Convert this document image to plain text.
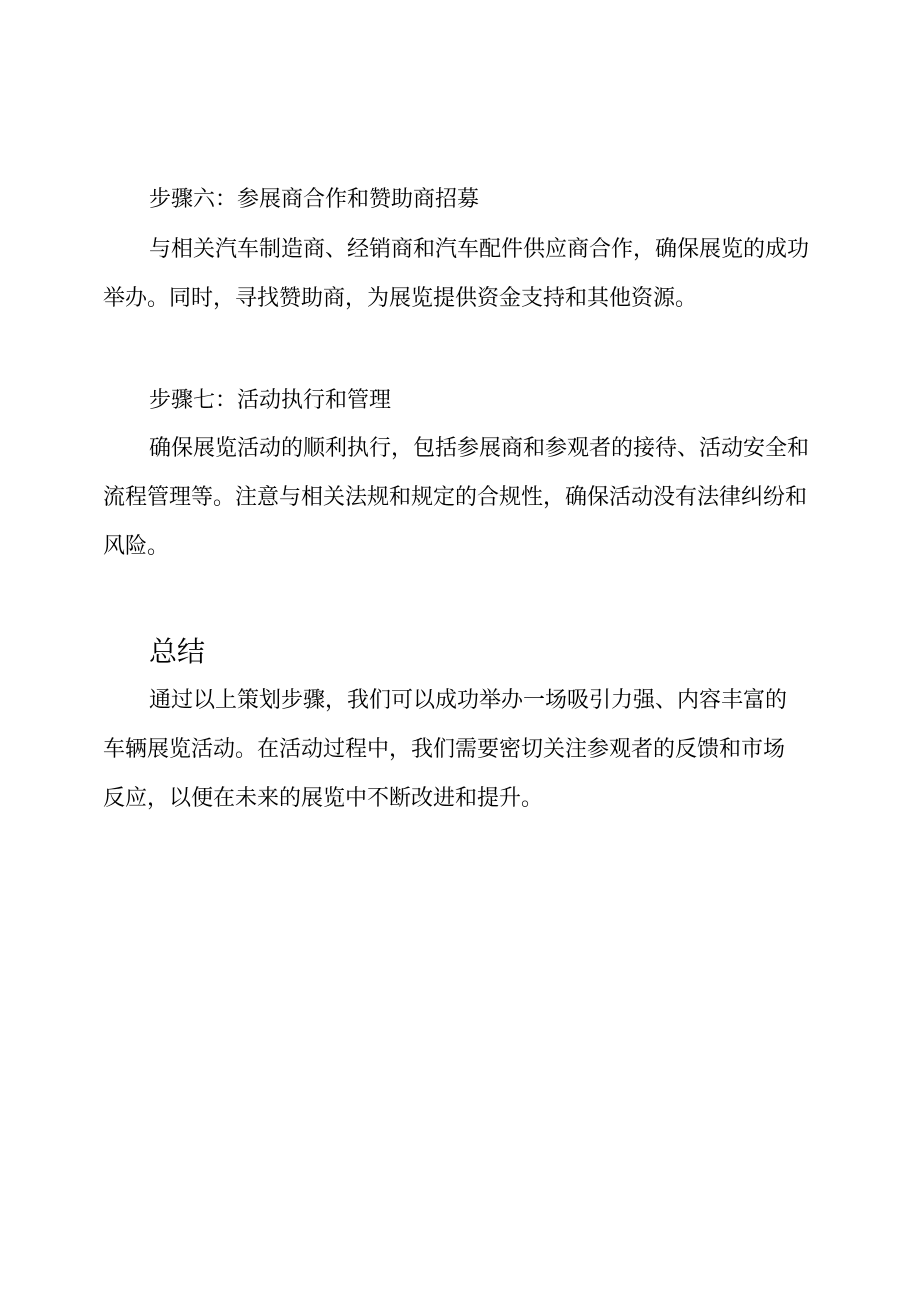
步骤六：参展商合作和赞助商招募

与相关汽车制造商、经销商和汽车配件供应商合作，确保展览的成功举办。同时，寻找赞助商，为展览提供资金支持和其他资源。

步骤七：活动执行和管理

确保展览活动的顺利执行，包括参展商和参观者的接待、活动安全和流程管理等。注意与相关法规和规定的合规性，确保活动没有法律纠纷和风险。

总结

通过以上策划步骤，我们可以成功举办一场吸引力强、内容丰富的车辆展览活动。在活动过程中，我们需要密切关注参观者的反馈和市场反应，以便在未来的展览中不断改进和提升。
